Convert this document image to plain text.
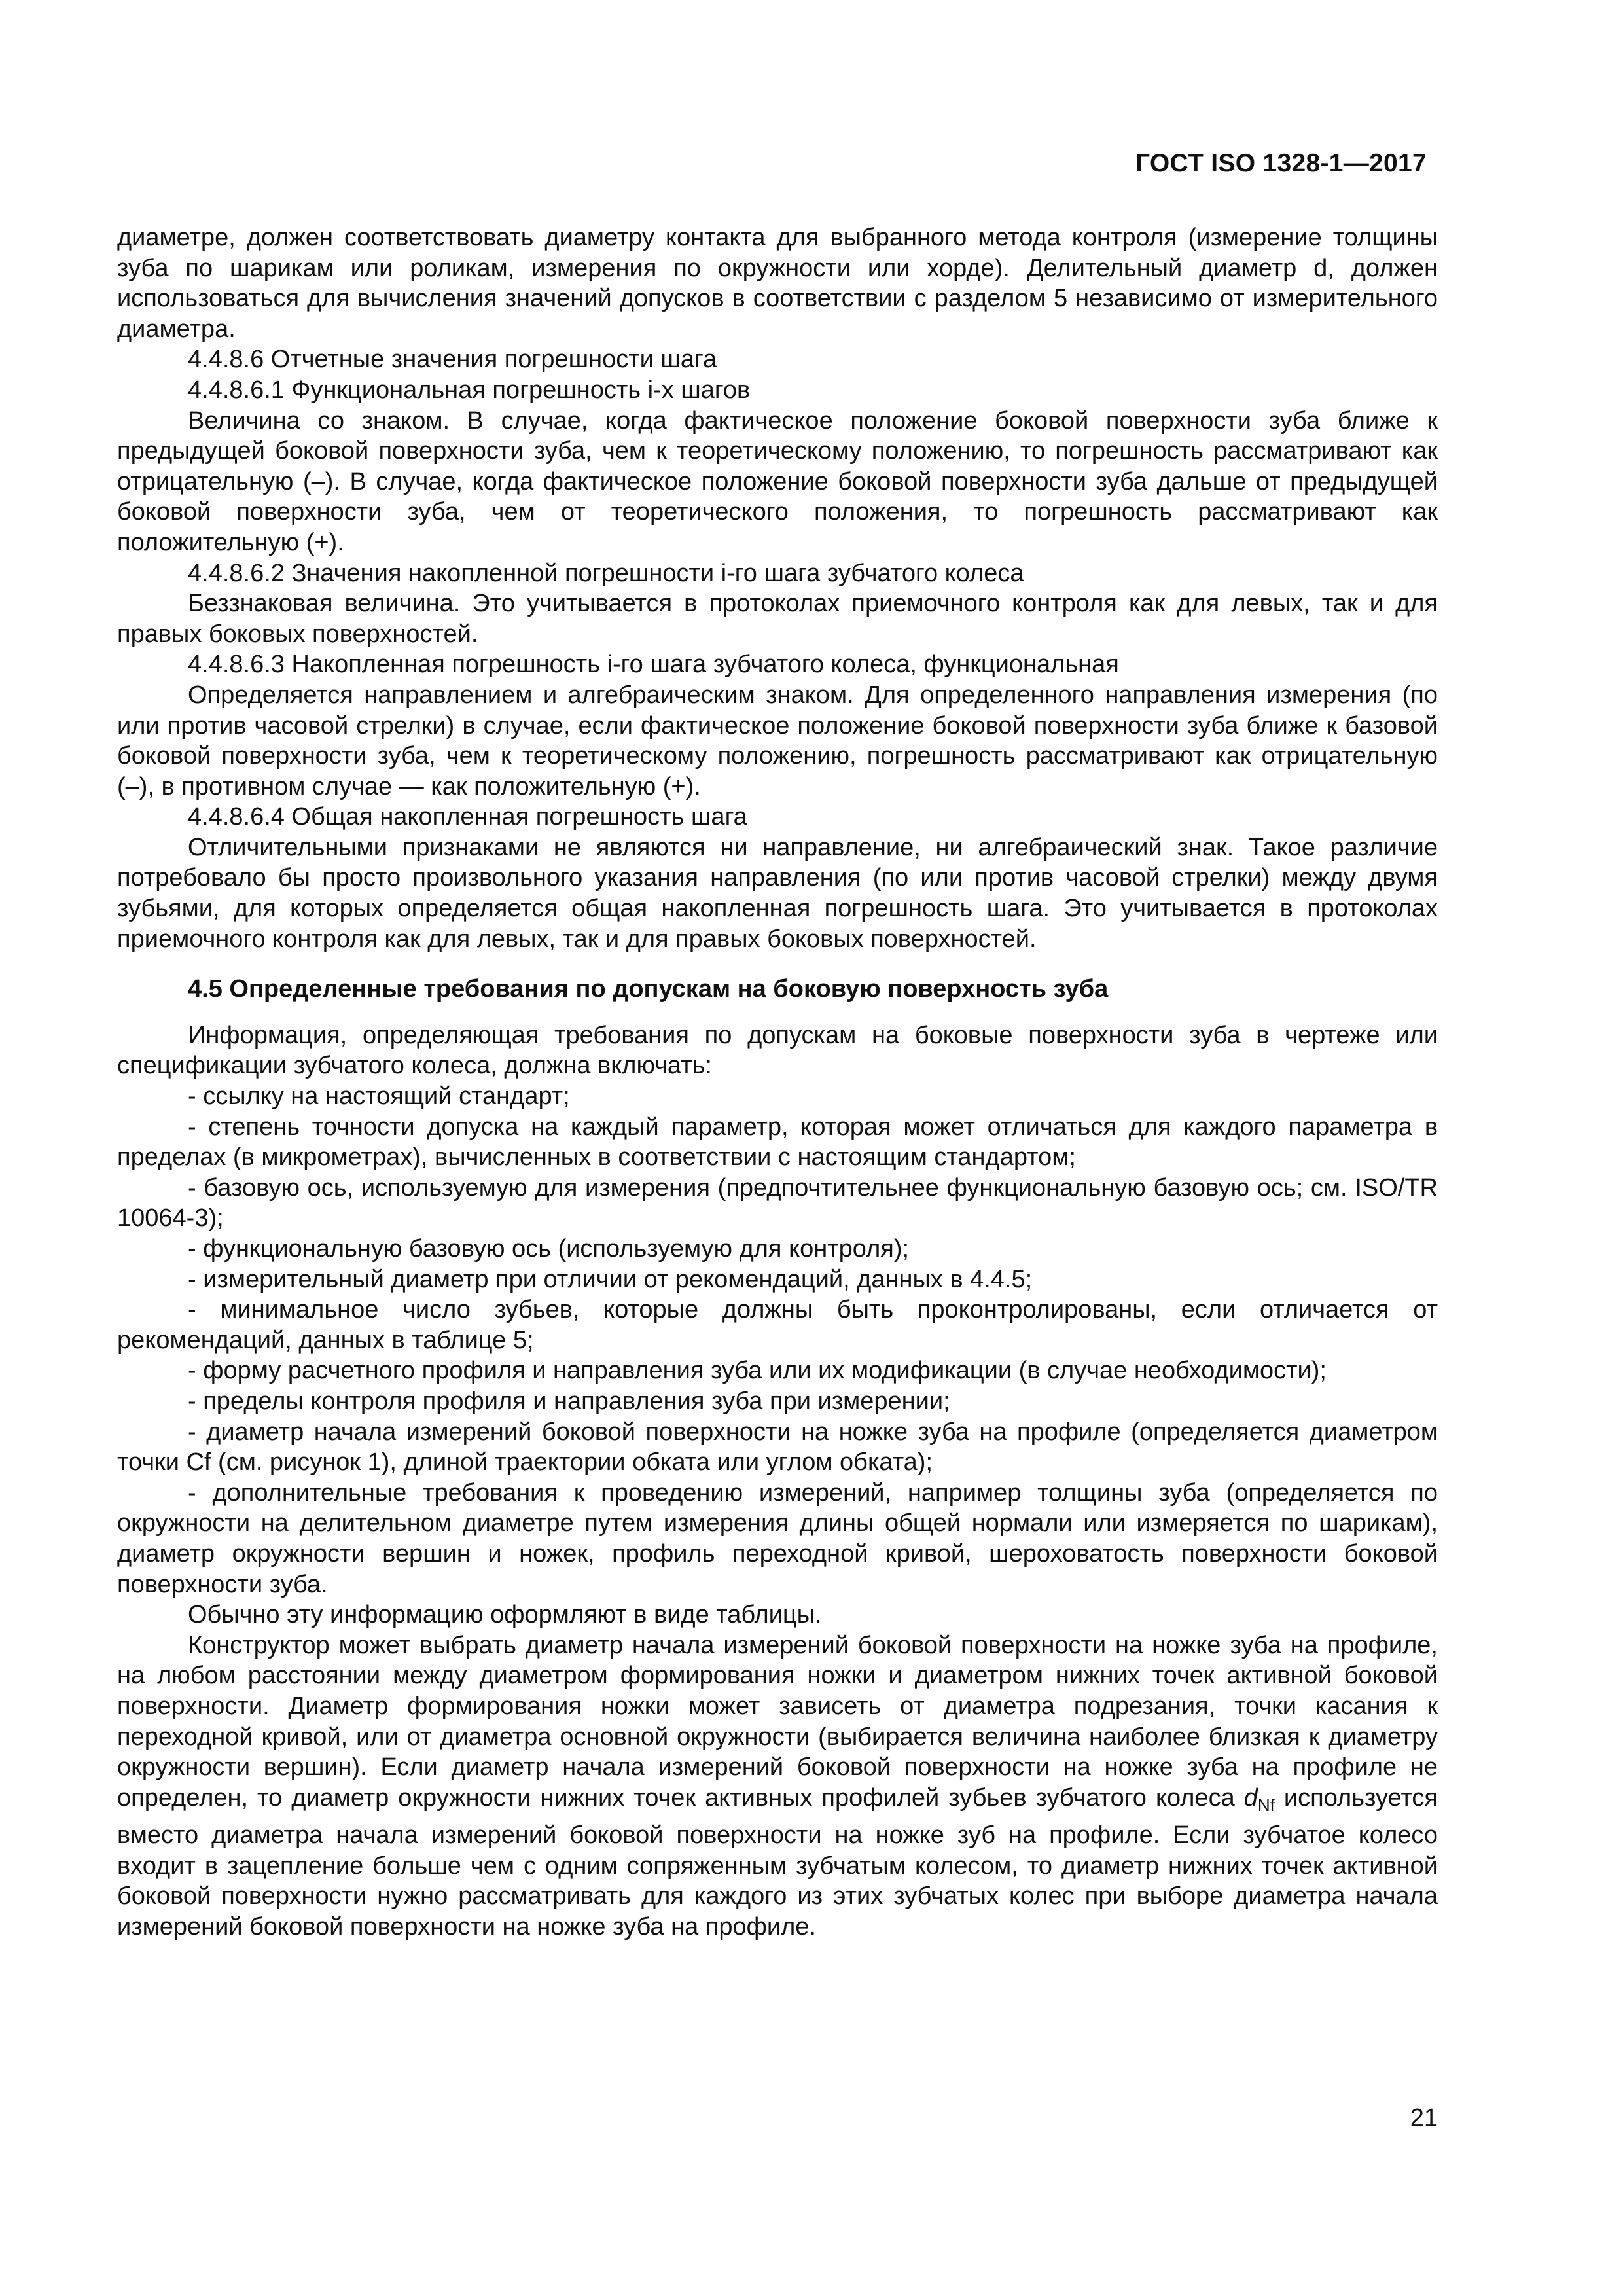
ГОСТ ISO 1328-1—2017

диаметре, должен соответствовать диаметру контакта для выбранного метода контроля (измерение толщины зуба по шарикам или роликам, измерения по окружности или хорде). Делительный диаметр d, должен использоваться для вычисления значений допусков в соответствии с разделом 5 независимо от измерительного диаметра.

4.4.8.6 Отчетные значения погрешности шага

4.4.8.6.1 Функциональная погрешность i-х шагов

Величина со знаком. В случае, когда фактическое положение боковой поверхности зуба ближе к предыдущей боковой поверхности зуба, чем к теоретическому положению, то погрешность рассматривают как отрицательную (–). В случае, когда фактическое положение боковой поверхности зуба дальше от предыдущей боковой поверхности зуба, чем от теоретического положения, то погрешность рассматривают как положительную (+).

4.4.8.6.2 Значения накопленной погрешности i-го шага зубчатого колеса

Беззнаковая величина. Это учитывается в протоколах приемочного контроля как для левых, так и для правых боковых поверхностей.

4.4.8.6.3 Накопленная погрешность i-го шага зубчатого колеса, функциональная

Определяется направлением и алгебраическим знаком. Для определенного направления измерения (по или против часовой стрелки) в случае, если фактическое положение боковой поверхности зуба ближе к базовой боковой поверхности зуба, чем к теоретическому положению, погрешность рассматривают как отрицательную (–), в противном случае — как положительную (+).

4.4.8.6.4 Общая накопленная погрешность шага

Отличительными признаками не являются ни направление, ни алгебраический знак. Такое различие потребовало бы просто произвольного указания направления (по или против часовой стрелки) между двумя зубьями, для которых определяется общая накопленная погрешность шага. Это учитывается в протоколах приемочного контроля как для левых, так и для правых боковых поверхностей.

4.5 Определенные требования по допускам на боковую поверхность зуба

Информация, определяющая требования по допускам на боковые поверхности зуба в чертеже или спецификации зубчатого колеса, должна включать:

- ссылку на настоящий стандарт;

- степень точности допуска на каждый параметр, которая может отличаться для каждого параметра в пределах (в микрометрах), вычисленных в соответствии с настоящим стандартом;

- базовую ось, используемую для измерения (предпочтительнее функциональную базовую ось; см. ISO/TR 10064-3);

- функциональную базовую ось (используемую для контроля);

- измерительный диаметр при отличии от рекомендаций, данных в 4.4.5;

- минимальное число зубьев, которые должны быть проконтролированы, если отличается от рекомендаций, данных в таблице 5;

- форму расчетного профиля и направления зуба или их модификации (в случае необходимости);

- пределы контроля профиля и направления зуба при измерении;

- диаметр начала измерений боковой поверхности на ножке зуба на профиле (определяется диаметром точки Cf (см. рисунок 1), длиной траектории обката или углом обката);

- дополнительные требования к проведению измерений, например толщины зуба (определяется по окружности на делительном диаметре путем измерения длины общей нормали или измеряется по шарикам), диаметр окружности вершин и ножек, профиль переходной кривой, шероховатость поверхности боковой поверхности зуба.

Обычно эту информацию оформляют в виде таблицы.

Конструктор может выбрать диаметр начала измерений боковой поверхности на ножке зуба на профиле, на любом расстоянии между диаметром формирования ножки и диаметром нижних точек активной боковой поверхности. Диаметр формирования ножки может зависеть от диаметра подрезания, точки касания к переходной кривой, или от диаметра основной окружности (выбирается величина наиболее близкая к диаметру окружности вершин). Если диаметр начала измерений боковой поверхности на ножке зуба на профиле не определен, то диаметр окружности нижних точек активных профилей зубьев зубчатого колеса $d_{Nf}$ используется вместо диаметра начала измерений боковой поверхности на ножке зуб на профиле. Если зубчатое колесо входит в зацепление больше чем с одним сопряженным зубчатым колесом, то диаметр нижних точек активной боковой поверхности нужно рассматривать для каждого из этих зубчатых колес при выборе диаметра начала измерений боковой поверхности на ножке зуба на профиле.

21
